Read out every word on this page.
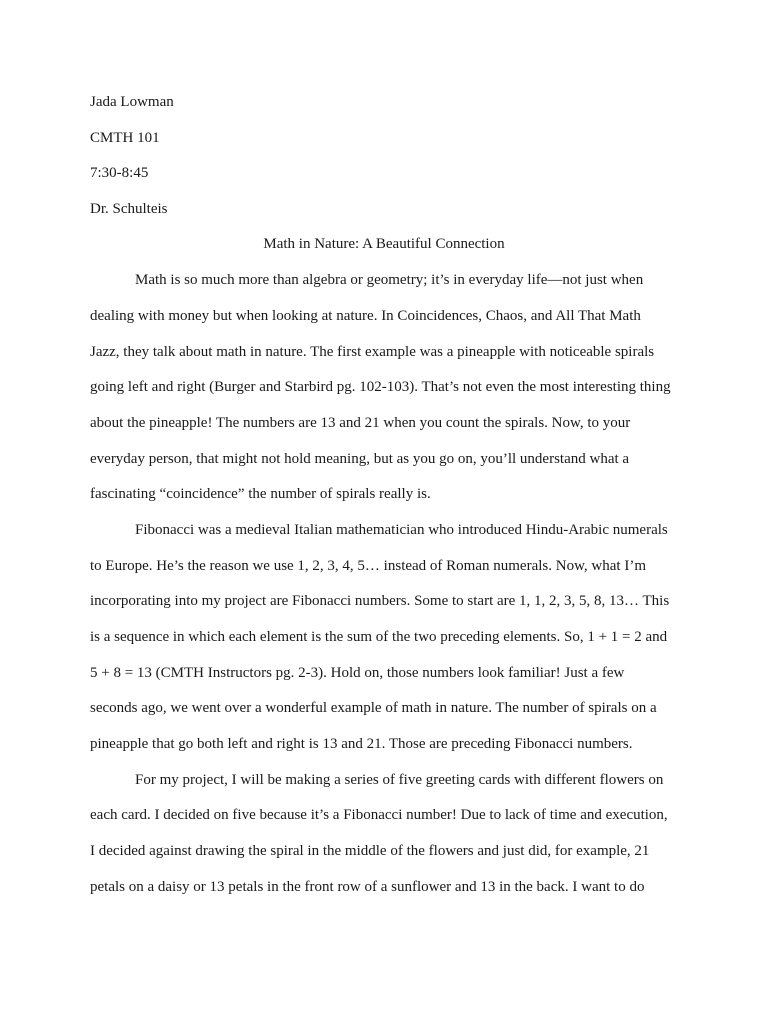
Jada Lowman
CMTH 101
7:30-8:45
Dr. Schulteis
Math in Nature: A Beautiful Connection
Math is so much more than algebra or geometry; it’s in everyday life—not just when
dealing with money but when looking at nature. In Coincidences, Chaos, and All That Math
Jazz, they talk about math in nature. The first example was a pineapple with noticeable spirals
going left and right (Burger and Starbird pg. 102-103). That’s not even the most interesting thing
about the pineapple! The numbers are 13 and 21 when you count the spirals. Now, to your
everyday person, that might not hold meaning, but as you go on, you’ll understand what a
fascinating “coincidence” the number of spirals really is.
Fibonacci was a medieval Italian mathematician who introduced Hindu-Arabic numerals
to Europe. He’s the reason we use 1, 2, 3, 4, 5… instead of Roman numerals. Now, what I’m
incorporating into my project are Fibonacci numbers. Some to start are 1, 1, 2, 3, 5, 8, 13… This
is a sequence in which each element is the sum of the two preceding elements. So, 1 + 1 = 2 and
5 + 8 = 13 (CMTH Instructors pg. 2-3). Hold on, those numbers look familiar! Just a few
seconds ago, we went over a wonderful example of math in nature. The number of spirals on a
pineapple that go both left and right is 13 and 21. Those are preceding Fibonacci numbers.
For my project, I will be making a series of five greeting cards with different flowers on
each card. I decided on five because it’s a Fibonacci number! Due to lack of time and execution,
I decided against drawing the spiral in the middle of the flowers and just did, for example, 21
petals on a daisy or 13 petals in the front row of a sunflower and 13 in the back. I want to do
